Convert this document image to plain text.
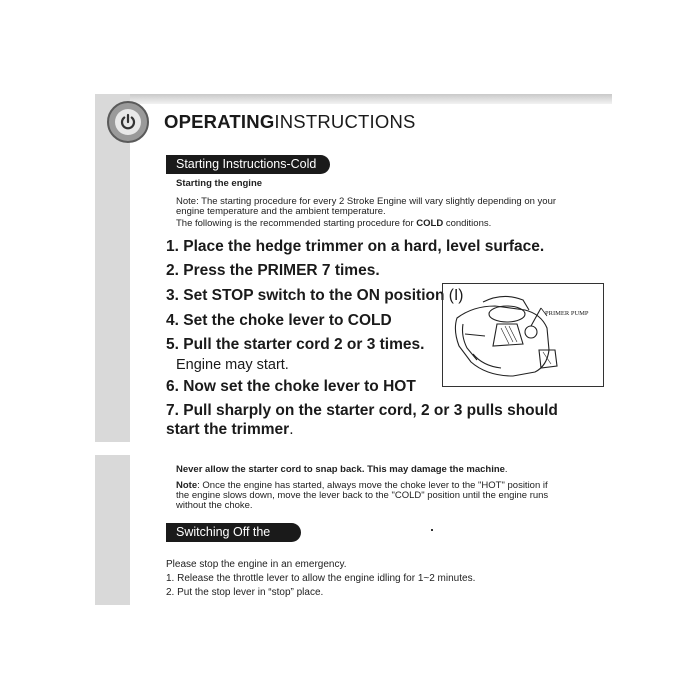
OPERATINGINSTRUCTIONS
Starting Instructions-Cold
Starting the engine
Note: The starting procedure for every 2 Stroke Engine will vary slightly depending on your
engine temperature and the ambient temperature.
The following is the recommended starting procedure for COLD conditions.
1. Place the hedge trimmer on a hard, level surface.
2. Press the PRIMER 7 times.
3. Set STOP switch to the ON position (I)
4. Set the choke lever to COLD
5. Pull the starter cord 2 or 3 times.
Engine may start.
6. Now set the choke lever to HOT
7. Pull sharply on the starter cord, 2 or 3 pulls should
start the trimmer.
PRIMER PUMP
Never allow the starter cord to snap back. This may damage the machine.
Note: Once the engine has started, always move the choke lever to the "HOT" position if
the engine slows down, move the lever back to the "COLD" position until the engine runs
without the choke.
Switching Off the
Please stop the engine in an emergency.
1. Release the throttle lever to allow the engine idling for 1~2 minutes.
2. Put the stop lever in “stop” place.
